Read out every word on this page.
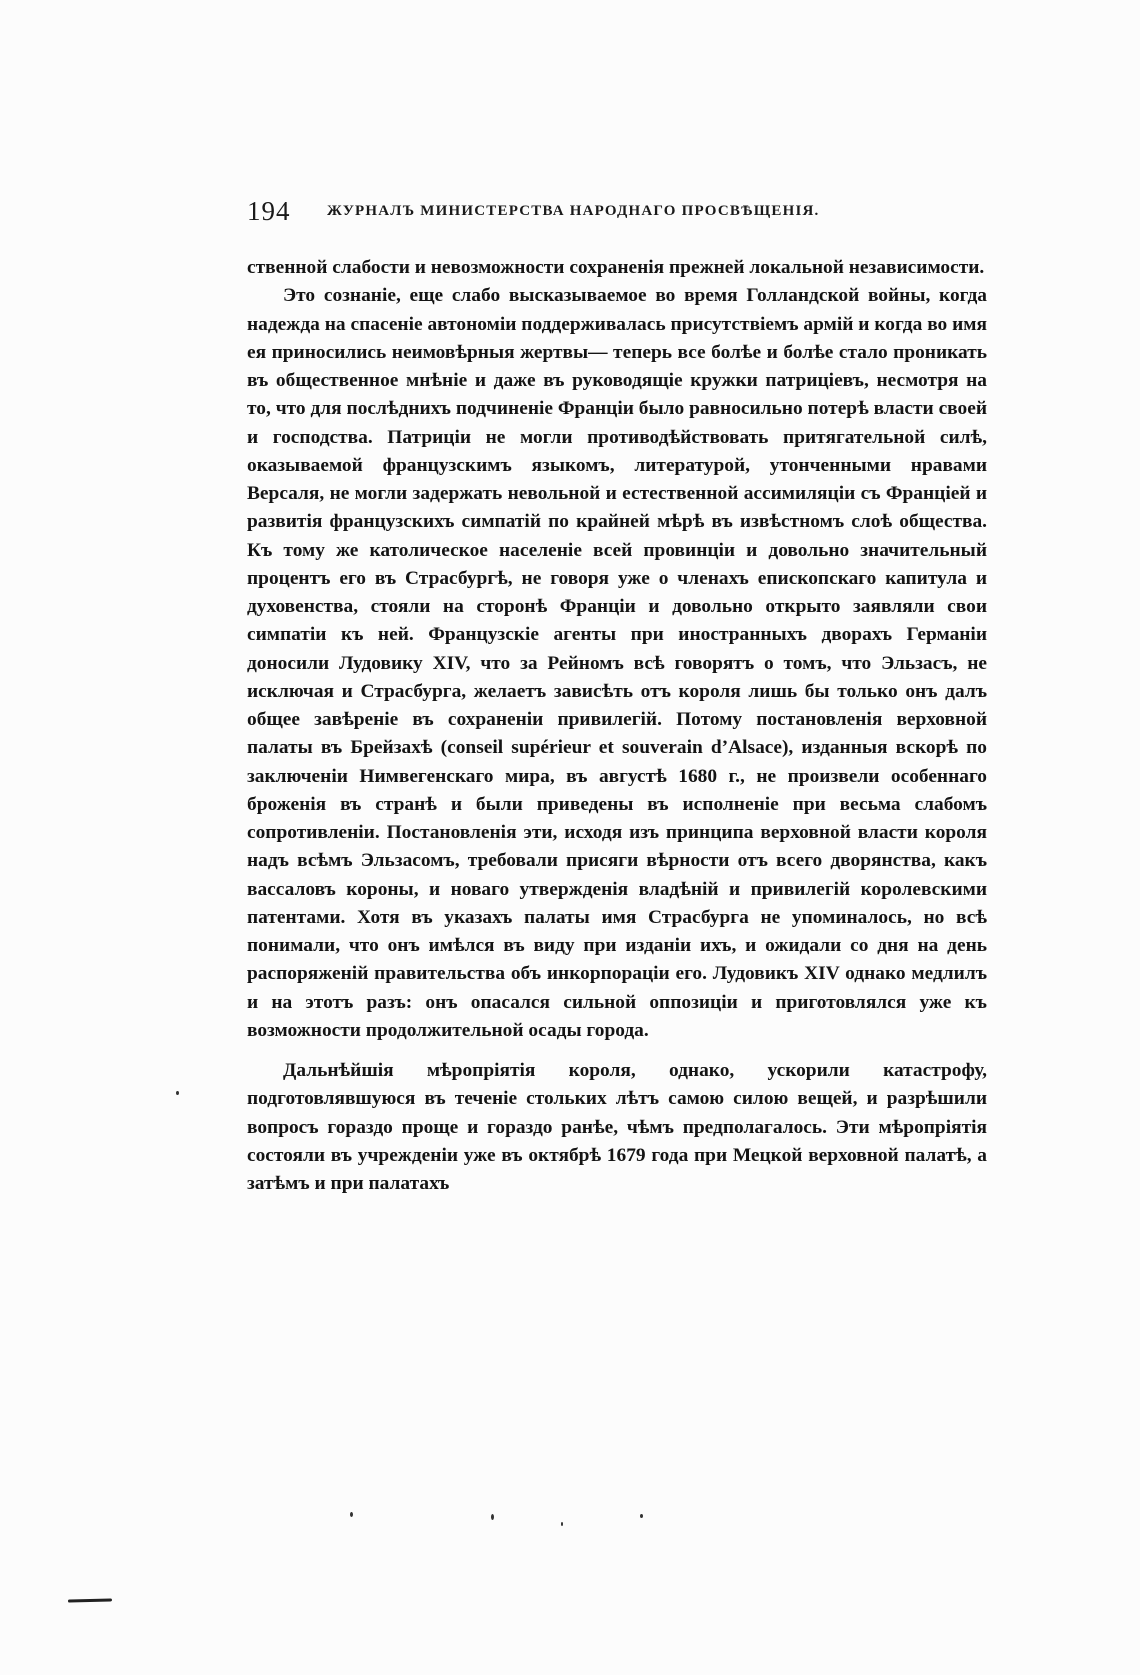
194 ЖУРНАЛЪ МИНИСТЕРСТВА НАРОДНАГО ПРОСВѢЩЕНІЯ.

ственной слабости и невозможности сохраненія прежней локальной независимости.

Это сознаніе, еще слабо высказываемое во время Голландской войны, когда надежда на спасеніе автономіи поддерживалась присутствіемъ армій и когда во имя ея приносились неимовѣрныя жертвы— теперь все болѣе и болѣе стало проникать въ общественное мнѣніе и даже въ руководящіе кружки патриціевъ, несмотря на то, что для послѣднихъ подчиненіе Франціи было равносильно потерѣ власти своей и господства. Патриціи не могли противодѣйствовать притягательной силѣ, оказываемой французскимъ языкомъ, литературой, утонченными нравами Версаля, не могли задержать невольной и естественной ассимиляціи съ Франціей и развитія французскихъ симпатій по крайней мѣрѣ въ извѣстномъ слоѣ общества. Къ тому же католическое населеніе всей провинціи и довольно значительный процентъ его въ Страсбургѣ, не говоря уже о членахъ епископскаго капитула и духовенства, стояли на сторонѣ Франціи и довольно открыто заявляли свои симпатіи къ ней. Французскіе агенты при иностранныхъ дворахъ Германіи доносили Лудовику XIV, что за Рейномъ всѣ говорятъ о томъ, что Эльзасъ, не исключая и Страсбурга, желаетъ зависѣть отъ короля лишь бы только онъ далъ общее завѣреніе въ сохраненіи привилегій. Потому постановленія верховной палаты въ Брейзахѣ (conseil supérieur et souverain d’Alsace), изданныя вскорѣ по заключеніи Нимвегенскаго мира, въ августѣ 1680 г., не произвели особеннаго броженія въ странѣ и были приведены въ исполненіе при весьма слабомъ сопротивленіи. Постановленія эти, исходя изъ принципа верховной власти короля надъ всѣмъ Эльзасомъ, требовали присяги вѣрности отъ всего дворянства, какъ вассаловъ короны, и новаго утвержденія владѣній и привилегій королевскими патентами. Хотя въ указахъ палаты имя Страсбурга не упоминалось, но всѣ понимали, что онъ имѣлся въ виду при изданіи ихъ, и ожидали со дня на день распоряженій правительства объ инкорпораціи его. Лудовикъ XIV однако медлилъ и на этотъ разъ: онъ опасался сильной оппозиціи и приготовлялся уже къ возможности продолжительной осады города.

Дальнѣйшія мѣропріятія короля, однако, ускорили катастрофу, подготовлявшуюся въ теченіе стольких лѣтъ самою силою вещей, и разрѣшили вопросъ гораздо проще и гораздо ранѣе, чѣмъ предполагалось. Эти мѣропріятія состояли въ учрежденіи уже въ октябрѣ 1679 года при Мецкой верховной палатѣ, а затѣмъ и при палатахъ
